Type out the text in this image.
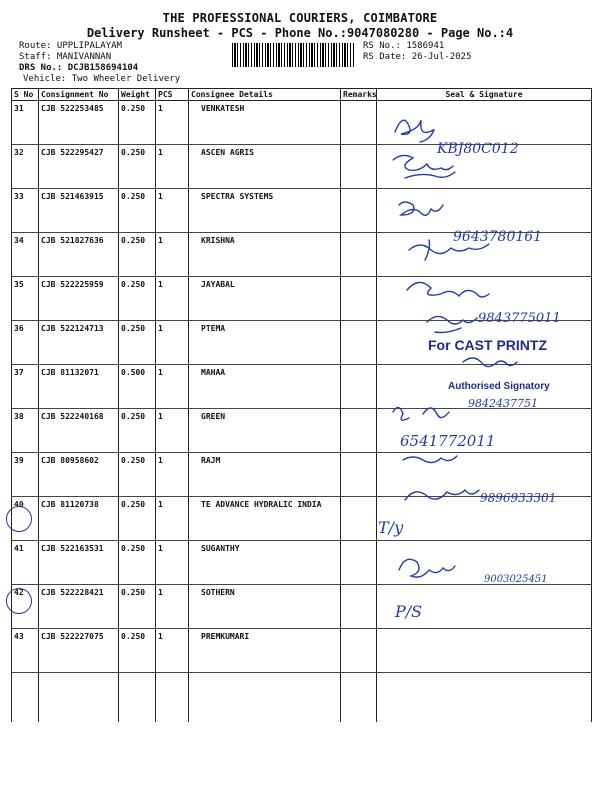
THE PROFESSIONAL COURIERS, COIMBATORE
Delivery Runsheet - PCS - Phone No.:9047080280 - Page No.:4
Route: UPPLIPALAYAM
Staff: MANIVANNAN
DRS No.: DCJB158694104
Vehicle: Two Wheeler Delivery
RS No.: 1586941
RS Date: 26-Jul-2025
S No	Consignment No	Weight	PCS	Consignee Details	Remarks	Seal & Signature
31	CJB 522253485	0.250	1	VENKATESH		
32	CJB 522295427	0.250	1	ASCEN AGRIS		
33	CJB 521463915	0.250	1	SPECTRA SYSTEMS		
34	CJB 521827636	0.250	1	KRISHNA		
35	CJB 522225959	0.250	1	JAYABAL		
36	CJB 522124713	0.250	1	PTEMA		
37	CJB 81132071	0.500	1	MAHAA		
38	CJB 522240168	0.250	1	GREEN		
39	CJB 80958602	0.250	1	RAJM		
40	CJB 81120738	0.250	1	TE ADVANCE HYDRALIC INDIA		
41	CJB 522163531	0.250	1	SUGANTHY		
42	CJB 522228421	0.250	1	SOTHERN		
43	CJB 522227075	0.250	1	PREMKUMARI		

KBJ80C012
9643780161
9843775011
9842437751
6541772011
9896933301
T/y
9003025451
P/S
For CAST PRINTZ
Authorised Signatory
